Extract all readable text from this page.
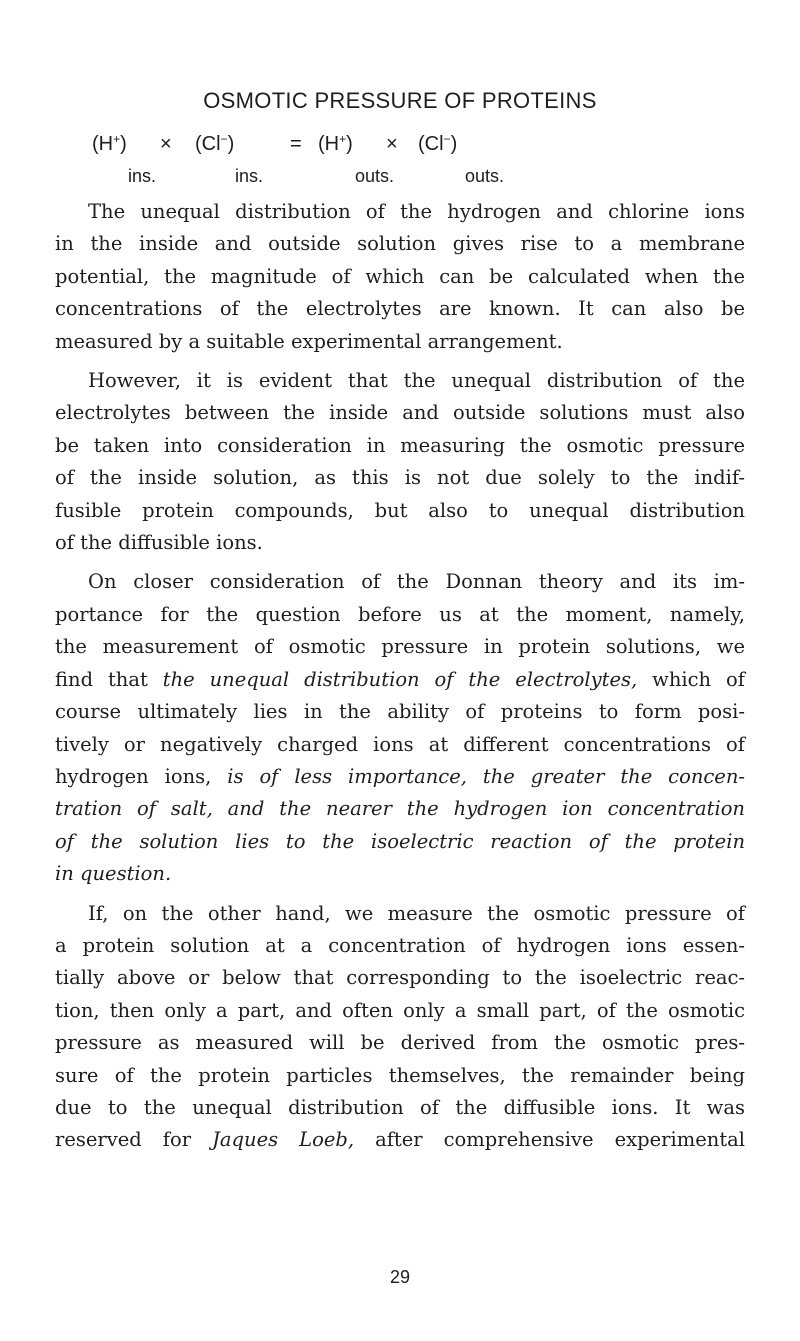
OSMOTIC PRESSURE OF PROTEINS
(H+) × (Cl−)	= (H+) × (Cl−)
ins.	ins.	outs.	outs.

The unequal distribution of the hydrogen and chlorine ions
in the inside and outside solution gives rise to a membrane
potential, the magnitude of which can be calculated when the
concentrations of the electrolytes are known. It can also be
measured by a suitable experimental arrangement.

However, it is evident that the unequal distribution of the
electrolytes between the inside and outside solutions must also
be taken into consideration in measuring the osmotic pressure
of the inside solution, as this is not due solely to the indif-
fusible protein compounds, but also to unequal distribution
of the diffusible ions.

On closer consideration of the Donnan theory and its im-
portance for the question before us at the moment, namely,
the measurement of osmotic pressure in protein solutions, we
find that the unequal distribution of the electrolytes, which of
course ultimately lies in the ability of proteins to form posi-
tively or negatively charged ions at different concentrations of
hydrogen ions, is of less importance, the greater the concen-
tration of salt, and the nearer the hydrogen ion concentration
of the solution lies to the isoelectric reaction of the protein
in question.

If, on the other hand, we measure the osmotic pressure of
a protein solution at a concentration of hydrogen ions essen-
tially above or below that corresponding to the isoelectric reac-
tion, then only a part, and often only a small part, of the osmotic
pressure as measured will be derived from the osmotic pres-
sure of the protein particles themselves, the remainder being
due to the unequal distribution of the diffusible ions. It was
reserved for Jaques Loeb, after comprehensive experimental

29
